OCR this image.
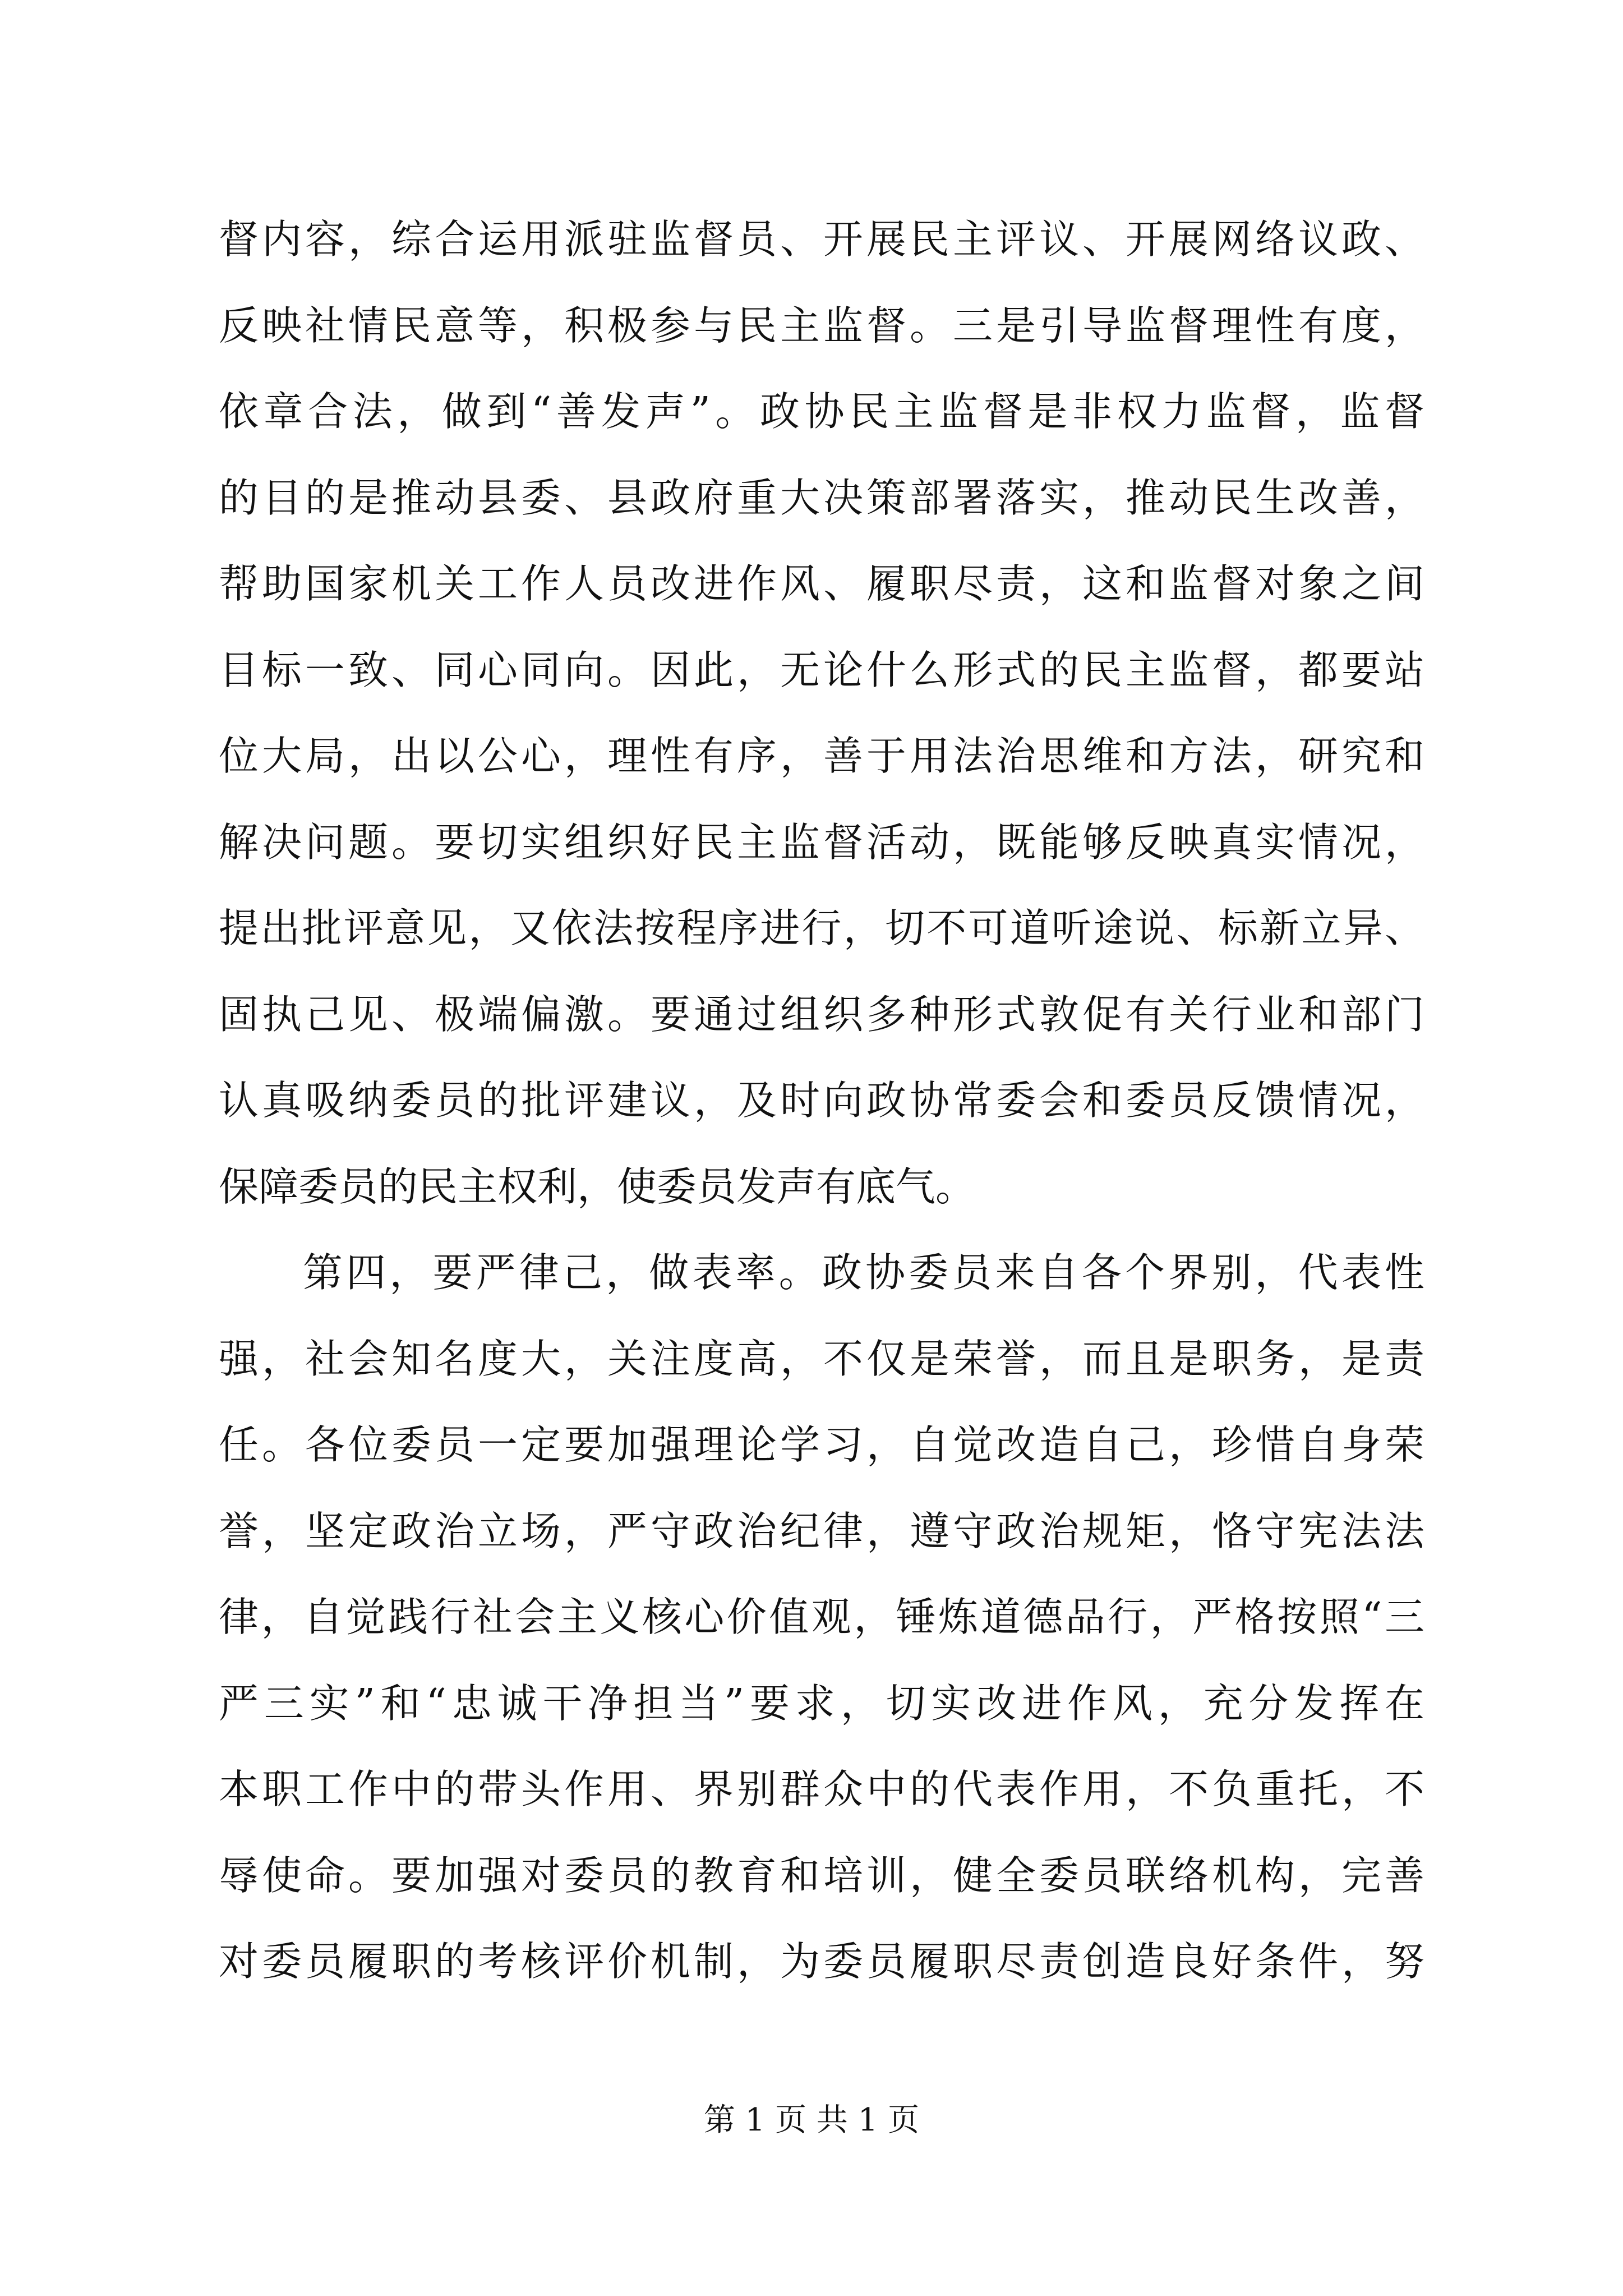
督内容，综合运用派驻监督员、开展民主评议、开展网络议政、
反映社情民意等，积极参与民主监督。三是引导监督理性有度，
依章合法，做到“善发声”。政协民主监督是非权力监督，监督
的目的是推动县委、县政府重大决策部署落实，推动民生改善，
帮助国家机关工作人员改进作风、履职尽责，这和监督对象之间
目标一致、同心同向。因此，无论什么形式的民主监督，都要站
位大局，出以公心，理性有序，善于用法治思维和方法，研究和
解决问题。要切实组织好民主监督活动，既能够反映真实情况，
提出批评意见，又依法按程序进行，切不可道听途说、标新立异、
固执己见、极端偏激。要通过组织多种形式敦促有关行业和部门
认真吸纳委员的批评建议，及时向政协常委会和委员反馈情况，
保障委员的民主权利，使委员发声有底气。
第四，要严律己，做表率。政协委员来自各个界别，代表性
强，社会知名度大，关注度高，不仅是荣誉，而且是职务，是责
任。各位委员一定要加强理论学习，自觉改造自己，珍惜自身荣
誉，坚定政治立场，严守政治纪律，遵守政治规矩，恪守宪法法
律，自觉践行社会主义核心价值观，锤炼道德品行，严格按照“三
严三实”和“忠诚干净担当”要求，切实改进作风，充分发挥在
本职工作中的带头作用、界别群众中的代表作用，不负重托，不
辱使命。要加强对委员的教育和培训，健全委员联络机构，完善
对委员履职的考核评价机制，为委员履职尽责创造良好条件，努
第 1 页 共 1 页
